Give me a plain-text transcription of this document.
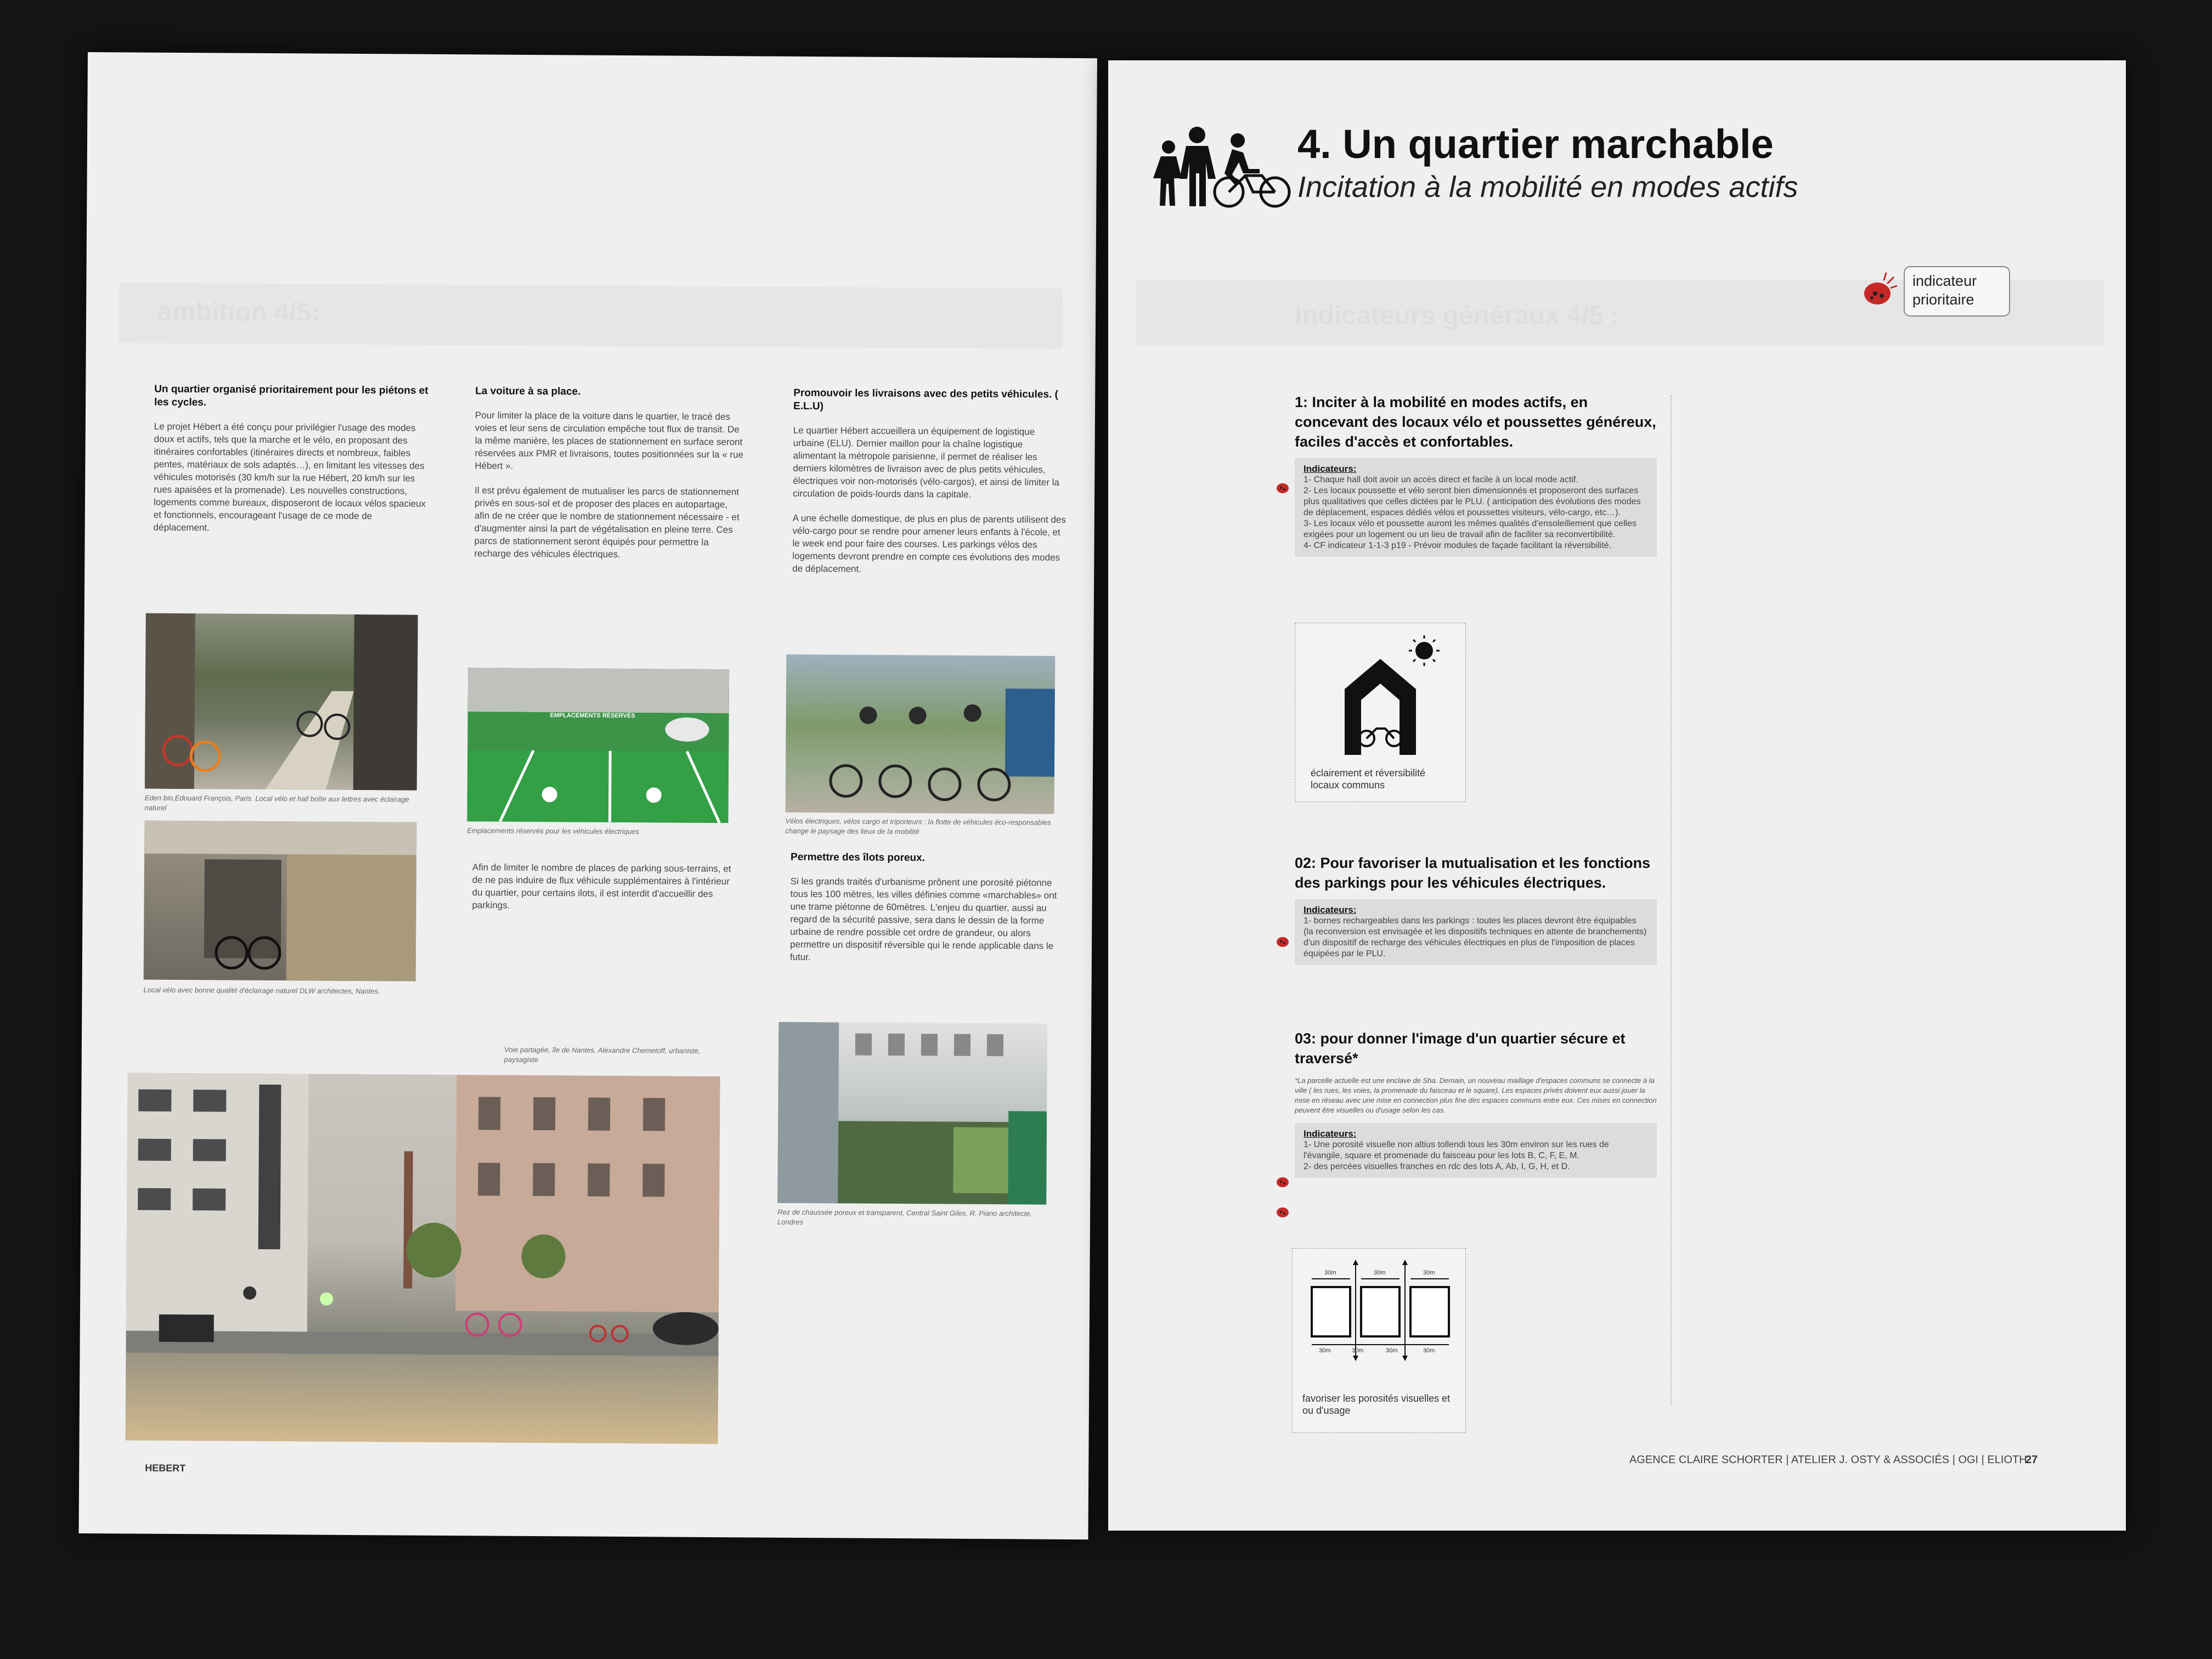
ambition 4/5:
Un quartier organisé prioritairement pour les piétons et les cycles.

Le projet Hébert a été conçu pour privilégier l'usage des modes doux et actifs, tels que la marche et le vélo, en proposant des itinéraires confortables (itinéraires directs et nombreux, faibles pentes, matériaux de sols adaptés…), en limitant les vitesses des véhicules motorisés (30 km/h sur la rue Hébert, 20 km/h sur les rues apaisées et la promenade). Les nouvelles constructions, logements comme bureaux, disposeront de locaux vélos spacieux et fonctionnels, encourageant l'usage de ce mode de déplacement.

Eden bio,Edouard François, Paris. Local vélo et hall boîte aux lettres avec éclairage naturel
Local vélo avec bonne qualité d'éclairage naturel DLW architectes, Nantes.
La voiture à sa place.

Pour limiter la place de la voiture dans le quartier, le tracé des voies et leur sens de circulation empêche tout flux de transit. De la même manière, les places de stationnement en surface seront réservées aux PMR et livraisons, toutes positionnées sur la « rue Hébert ».

Il est prévu également de mutualiser les parcs de stationnement privés en sous-sol et de proposer des places en autopartage, afin de ne créer que le nombre de stationnement nécessaire - et d'augmenter ainsi la part de végétalisation en pleine terre. Ces parcs de stationnement seront équipés pour permettre la recharge des véhicules électriques.

EMPLACEMENTS RÉSERVÉS
Emplacements réservés pour les véhicules électriques

Afin de limiter le nombre de places de parking sous-terrains, et de ne pas induire de flux véhicule supplémentaires à l'intérieur du quartier, pour certains ilots, il est interdit d'accueillir des parkings.

Voie partagée, île de Nantes. Alexandre Chemetoff, urbaniste, paysagiste
Promouvoir les livraisons avec des petits véhicules. ( E.L.U)

Le quartier Hébert accueillera un équipement de logistique urbaine (ELU). Dernier maillon pour la chaîne logistique alimentant la métropole parisienne, il permet de réaliser les derniers kilomètres de livraison avec de plus petits véhicules, électriques voir non-motorisés (vélo-cargos), et ainsi de limiter la circulation de poids-lourds dans la capitale.

A une échelle domestique, de plus en plus de parents utilisent des vélo-cargo pour se rendre pour amener leurs enfants à l'école, et le week end pour faire des courses. Les parkings vélos des logements devront prendre en compte ces évolutions des modes de déplacement.

Vélos électriques, vélos cargo et triporteurs : la flotte de véhicules éco-responsables change le paysage des lieux de la mobilité
Permettre des îlots poreux.

Si les grands traités d'urbanisme prônent une porosité piétonne tous les 100 mètres, les villes définies comme «marchables» ont une trame piétonne de 60mètres. L'enjeu du quartier, aussi au regard de la sécurité passive, sera dans le dessin de la forme urbaine de rendre possible cet ordre de grandeur, ou alors permettre un dispositif réversible qui le rende applicable dans le futur.

Rez de chaussée poreux et transparent, Central Saint Giles, R. Piano architecte, Londres
HEBERT
Indicateurs généraux 4/5 :
4. Un quartier marchable
Incitation à la mobilité en modes actifs
indicateur prioritaire
1: Inciter à la mobilité en modes actifs, en concevant des locaux vélo et poussettes généreux, faciles d'accès et confortables.
Indicateurs:
1- Chaque hall doit avoir un accès direct et facile à un local mode actif.
2- Les locaux poussette et vélo seront bien dimensionnés et proposeront des surfaces plus qualitatives que celles dictées par le PLU. ( anticipation des évolutions des modes de déplacement, espaces dédiés vélos et poussettes visiteurs, vélo-cargo, etc…).
3- Les locaux vélo et poussette auront les mêmes qualités d'ensoleillement que celles exigées pour un logement ou un lieu de travail afin de faciliter sa reconvertibilité.
4- CF indicateur 1-1-3 p19 - Prévoir modules de façade facilitant la réversibilité.
éclairement et réversibilité locaux communs
02: Pour favoriser la mutualisation et les fonctions des parkings pour les véhicules électriques.
Indicateurs:
1- bornes rechargeables dans les parkings : toutes les places devront être équipables (la reconversion est envisagée et les dispositifs techniques en attente de branchements) d'un dispositif de recharge des véhicules électriques en plus de l'imposition de places équipées par le PLU.
03: pour donner l'image d'un quartier sécure et traversé*
*La parcelle actuelle est une enclave de Sha. Demain, un nouveau maillage d'espaces communs se connecte à la ville ( les rues, les voies, la promenade du faisceau et le square). Les espaces privés doivent eux aussi jouer la mise en réseau avec une mise en connection plus fine des espaces communs entre eux. Ces mises en connection peuvent être visuelles ou d'usage selon les cas.
Indicateurs:
1- Une porosité visuelle non altius tollendi tous les 30m environ sur les rues de l'évangile, square et promenade du faisceau pour les lots B, C, F, E, M.
2- des percées visuelles franches en rdc des lots A, Ab, I, G, H, et D.
30m	30m	30m
30m	30m	30m	30m
favoriser les porosités visuelles et ou d'usage
AGENCE CLAIRE SCHORTER | ATELIER J. OSTY & ASSOCIÉS | OGI | ELIOTH
27
